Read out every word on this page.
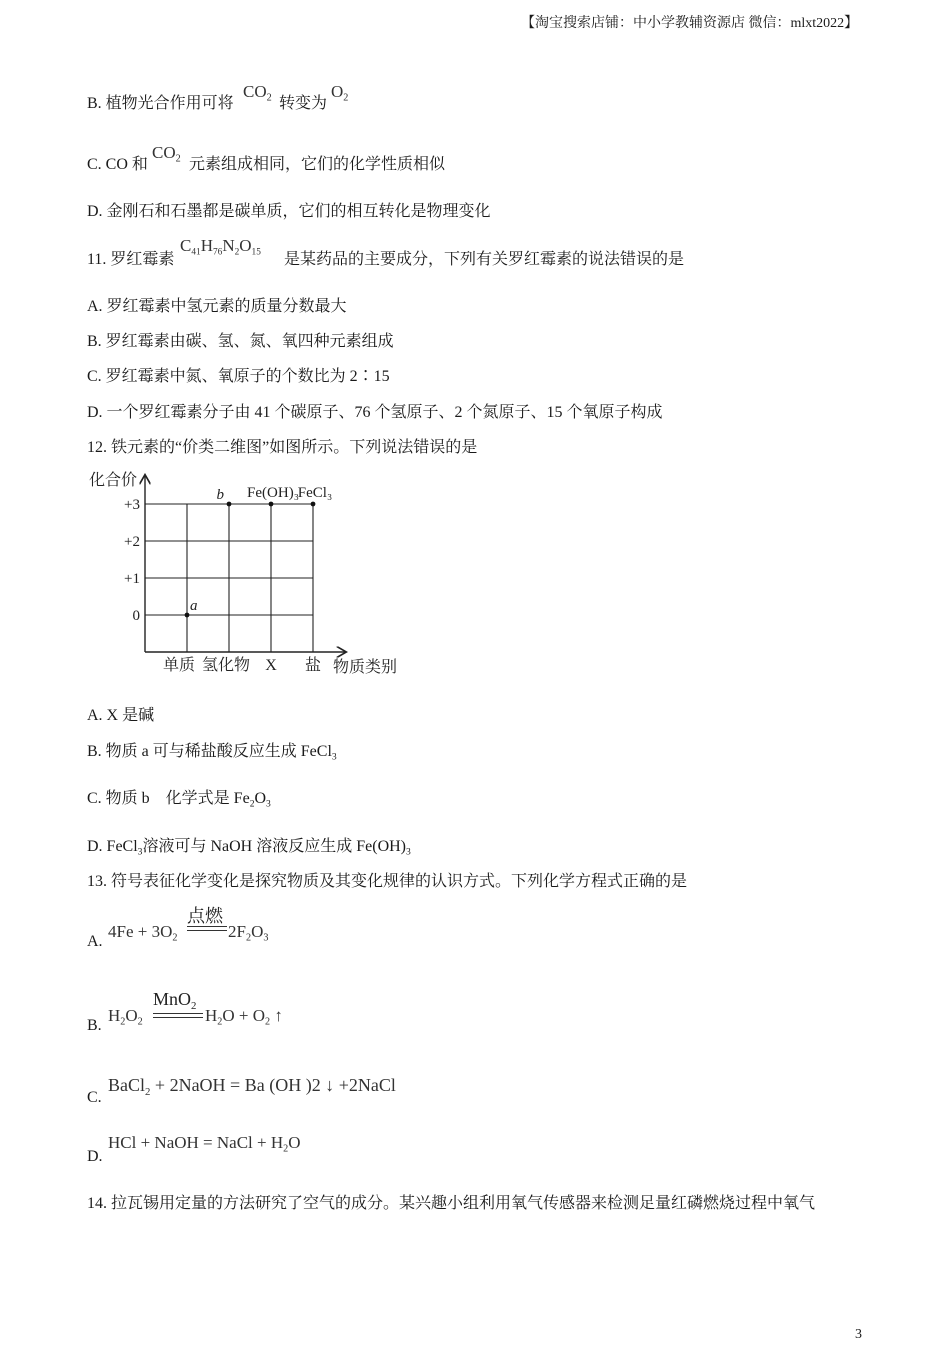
【淘宝搜索店铺：中小学教辅资源店 微信：mlxt2022】
B. 植物光合作用可将
$CO_2$ 转变为
$O_2$
C. CO 和
$CO_2$ 元素组成相同，它们的化学性质相似
D. 金刚石和石墨都是碳单质，它们的相互转化是物理变化
11. 罗红霉素
$C_{41}H_{76}N_2O_{15}$ 是某药品的主要成分，下列有关罗红霉素的说法错误的是
A. 罗红霉素中氢元素的质量分数最大
B. 罗红霉素由碳、氢、氮、氧四种元素组成
C. 罗红霉素中氮、氧原子的个数比为 2∶15
D. 一个罗红霉素分子由 41 个碳原子、76 个氢原子、2 个氮原子、15 个氧原子构成
12. 铁元素的“价类二维图”如图所示。下列说法错误的是
+3
+2
+1
0
单质 氢化物 X 盐
a
b Fe(OH)₃
FeCl₃
化合价
物质类别
A. X 是碱
B. 物质 a 可与稀盐酸反应生成 FeCl$_3$
C. 物质 b　化学式是 $Fe_2O_3$
D. FeCl$_3$溶液可与 NaOH 溶液反应生成 $Fe(OH)_3$
13. 符号表征化学变化是探究物质及其变化规律的认识方式。下列化学方程式正确的是
A.
$4Fe + 3O_2$
点燃
$2F_2O_3$
B.
$H_2O_2$
MnO$_2$
$H_2O + O_2$ ↑
C.
BaCl$_2$ + 2NaOH = Ba (OH )2 ↓ +2NaCl
D.
HCl + NaOH = NaCl + $H_2O$
14. 拉瓦锡用定量的方法研究了空气的成分。某兴趣小组利用氧气传感器来检测足量红磷燃烧过程中氧气
3
